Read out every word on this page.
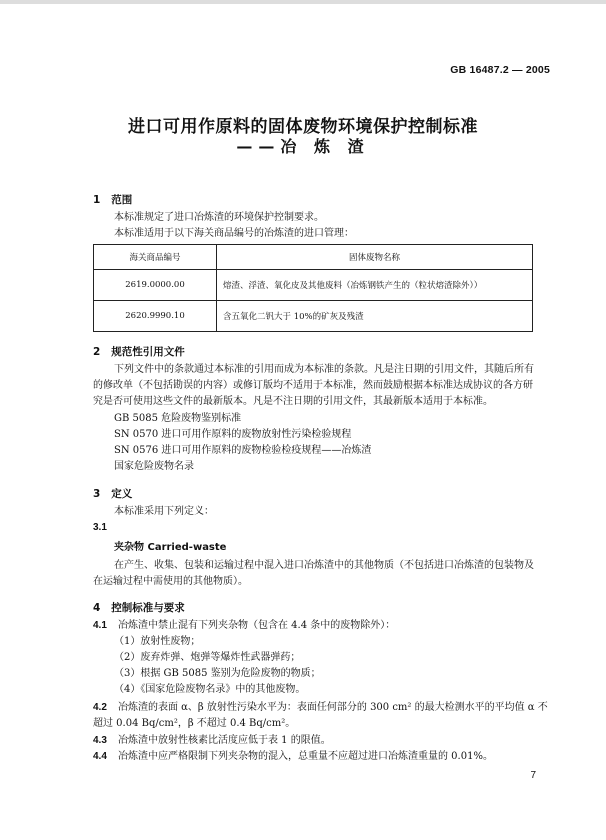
GB 16487.2 — 2005
进口可用作原料的固体废物环境保护控制标准
——冶 炼 渣
1 范围
本标准规定了进口冶炼渣的环境保护控制要求。
本标准适用于以下海关商品编号的冶炼渣的进口管理：
海关商品编号	固体废物名称
2619.0000.00	熔渣、浮渣、氧化皮及其他废料（冶炼钢铁产生的（粒状熔渣除外））
2620.9990.10	含五氧化二钒大于 10%的矿灰及残渣
2 规范性引用文件
下列文件中的条款通过本标准的引用而成为本标准的条款。凡是注日期的引用文件，其随后所有
的修改单（不包括勘误的内容）或修订版均不适用于本标准，然而鼓励根据本标准达成协议的各方研
究是否可使用这些文件的最新版本。凡是不注日期的引用文件，其最新版本适用于本标准。
GB 5085 危险废物鉴别标准
SN 0570 进口可用作原料的废物放射性污染检验规程
SN 0576 进口可用作原料的废物检验检疫规程——冶炼渣
国家危险废物名录
3 定义
本标准采用下列定义：
3.1
夹杂物 Carried-waste
在产生、收集、包装和运输过程中混入进口冶炼渣中的其他物质（不包括进口冶炼渣的包装物及
在运输过程中需使用的其他物质）。
4 控制标准与要求
4.1 冶炼渣中禁止混有下列夹杂物（包含在 4.4 条中的废物除外）：
（1）放射性废物；
（2）废弃炸弹、炮弹等爆炸性武器弹药；
（3）根据 GB 5085 鉴别为危险废物的物质；
（4）《国家危险废物名录》中的其他废物。
4.2 冶炼渣的表面 α、β 放射性污染水平为：表面任何部分的 300 cm² 的最大检测水平的平均值 α 不
超过 0.04 Bq/cm²，β 不超过 0.4 Bq/cm²。
4.3 冶炼渣中放射性核素比活度应低于表 1 的限值。
4.4 冶炼渣中应严格限制下列夹杂物的混入，总重量不应超过进口冶炼渣重量的 0.01%。
7
